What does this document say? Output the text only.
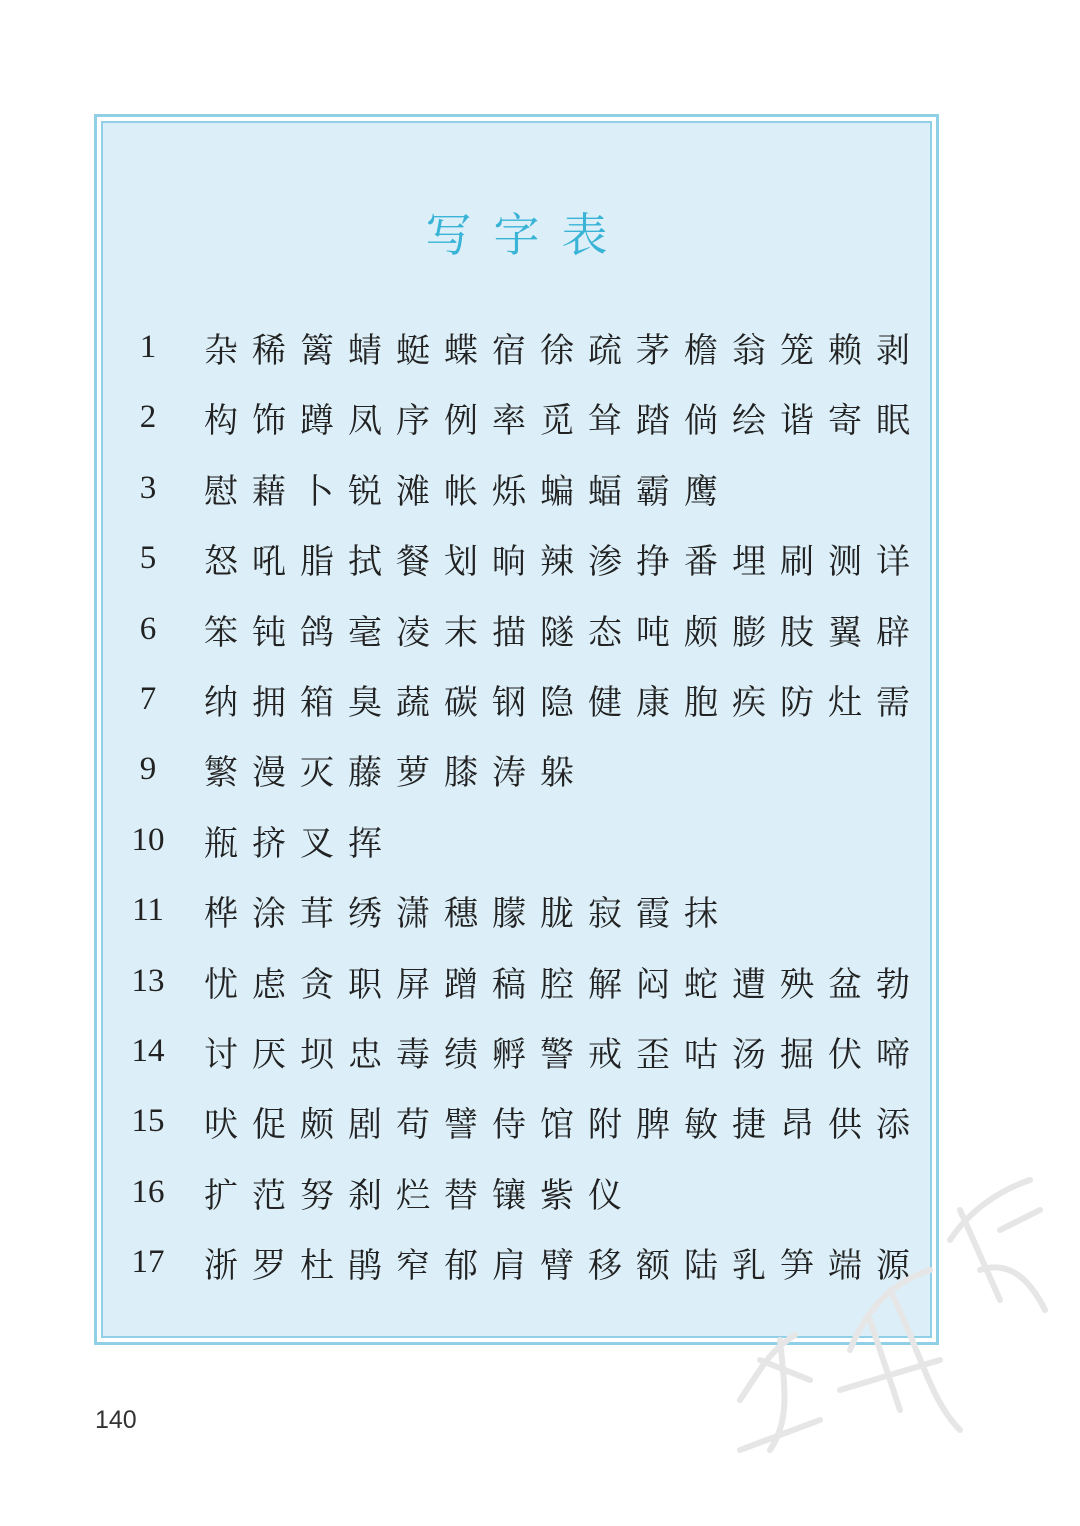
写字表
1	杂稀篱蜻蜓蝶宿徐疏茅檐翁笼赖剥
2	构饰蹲凤序例率觅耸踏倘绘谐寄眠
3	慰藉卜锐滩帐烁蝙蝠霸鹰
5	怒吼脂拭餐划晌辣渗挣番埋刷测详
6	笨钝鸽毫凌末描隧态吨颇膨肢翼辟
7	纳拥箱臭蔬碳钢隐健康胞疾防灶需
9	繁漫灭藤萝膝涛躲
10	瓶挤叉挥
11	桦涂茸绣潇穗朦胧寂霞抹
13	忧虑贪职屏蹭稿腔解闷蛇遭殃盆勃
14	讨厌坝忠毒绩孵警戒歪咕汤掘伏啼
15	吠促颇剧苟譬侍馆附脾敏捷昂供添
16	扩范努刹烂替镶紫仪
17	浙罗杜鹃窄郁肩臂移额陆乳笋端源
140
